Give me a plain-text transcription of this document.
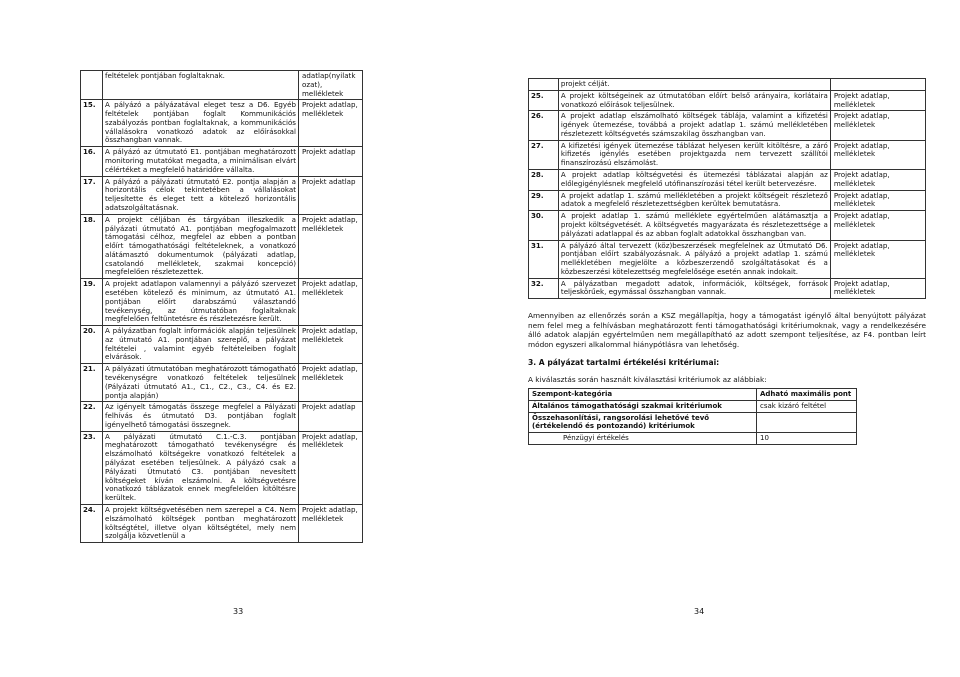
	feltételek pontjában foglaltaknak.	adatlap(nyilatk ozat), mellékletek
15.	A pályázó a pályázatával eleget tesz a D6. Egyéb feltételek pontjában foglalt Kommunikációs szabályozás pontban foglaltaknak, a kommunikációs vállalásokra vonatkozó adatok az előírásokkal összhangban vannak.	Projekt adatlap, mellékletek
16.	A pályázó az útmutató E1. pontjában meghatározott monitoring mutatókat megadta, a minimálisan elvárt célértéket a megfelelő határidőre vállalta.	Projekt adatlap
17.	A pályázó a pályázati útmutató E2. pontja alapján a horizontális célok tekintetében a vállalásokat teljesítette és eleget tett a kötelező horizontális adatszolgáltatásnak.	Projekt adatlap
18.	A projekt céljában és tárgyában illeszkedik a pályázati útmutató A1. pontjában megfogalmazott támogatási célhoz, megfelel az ebben a pontban előírt támogathatósági feltételeknek, a vonatkozó alátámasztó dokumentumok (pályázati adatlap, csatolandó mellékletek, szakmai koncepció) megfelelően részletezettek.	Projekt adatlap, mellékletek
19.	A projekt adatlapon valamennyi a pályázó szervezet esetében kötelező és minimum, az útmutató A1. pontjában előírt darabszámú választandó tevékenység, az útmutatóban foglaltaknak megfelelően feltüntetésre és részletezésre került.	Projekt adatlap, mellékletek
20.	A pályázatban foglalt információk alapján teljesülnek az útmutató A1. pontjában szereplő, a pályázat feltételei , valamint egyéb feltételeiben foglalt elvárások.	Projekt adatlap, mellékletek
21.	A pályázati útmutatóban meghatározott támogatható tevékenységre vonatkozó feltételek teljesülnek (Pályázati útmutató A1., C1., C2., C3., C4. és E2. pontja alapján)	Projekt adatlap, mellékletek
22.	Az igényelt támogatás összege megfelel a Pályázati felhívás és útmutató D3. pontjában foglalt igényelhető támogatási összegnek.	Projekt adatlap
23.	A pályázati útmutató C.1.-C.3. pontjában meghatározott támogatható tevékenységre és elszámolható költségekre vonatkozó feltételek a pályázat esetében teljesülnek. A pályázó csak a Pályázati Útmutató C3. pontjában nevesített költségeket kíván elszámolni. A költségvetésre vonatkozó táblázatok ennek megfelelően kitöltésre kerültek.	Projekt adatlap, mellékletek
24.	A projekt költségvetésében nem szerepel a C4. Nem elszámolható költségek pontban meghatározott költségtétel, illetve olyan költségtétel, mely nem szolgálja közvetlenül a	Projekt adatlap, mellékletek
33
	projekt célját.	
25.	A projekt költségeinek az útmutatóban előírt belső arányaira, korlátaira vonatkozó előírások teljesülnek.	Projekt adatlap, mellékletek
26.	A projekt adatlap elszámolható költségek táblája, valamint a kifizetési igények ütemezése, továbbá a projekt adatlap 1. számú mellékletében részletezett költségvetés számszakilag összhangban van.	Projekt adatlap, mellékletek
27.	A kifizetési igények ütemezése táblázat helyesen került kitöltésre, a záró kifizetés igénylés esetében projektgazda nem tervezett szállítói finanszírozású elszámolást.	Projekt adatlap, mellékletek
28.	A projekt adatlap költségvetési és ütemezési táblázatai alapján az előlegigénylésnek megfelelő utófinanszírozási tétel került betervezésre.	Projekt adatlap, mellékletek
29.	A projekt adatlap 1. számú mellékletében a projekt költségeit részletező adatok a megfelelő részletezettségben kerültek bemutatásra.	Projekt adatlap, mellékletek
30.	A projekt adatlap 1. számú melléklete egyértelműen alátámasztja a projekt költségvetését. A költségvetés magyarázata és részletezettsége a pályázati adatlappal és az abban foglalt adatokkal összhangban van.	Projekt adatlap, mellékletek
31.	A pályázó által tervezett (köz)beszerzések megfelelnek az Útmutató D6. pontjában előírt szabályozásnak. A pályázó a projekt adatlap 1. számú mellékletében megjelölte a közbeszerzendő szolgáltatásokat és a közbeszerzési kötelezettség megfelelősége esetén annak indokait.	Projekt adatlap, mellékletek
32.	A pályázatban megadott adatok, információk, költségek, források teljeskörűek, egymással összhangban vannak.	Projekt adatlap, mellékletek

Amennyiben az ellenőrzés során a KSZ megállapítja, hogy a támogatást igénylő által benyújtott pályázat nem felel meg a felhívásban meghatározott fenti támogathatósági kritériumoknak, vagy a rendelkezésére álló adatok alapján egyértelműen nem megállapítható az adott szempont teljesítése, az F4. pontban leírt módon egyszeri alkalommal hiánypótlásra van lehetőség.

3. A pályázat tartalmi értékelési kritériumai:

A kiválasztás során használt kiválasztási kritériumok az alábbiak:

Szempont-kategória	Adható maximális pont
Általános támogathatósági szakmai kritériumok	csak kizáró feltétel
Összehasonlítási, rangsorolási lehetővé tevő (értékelendő és pontozandó) kritériumok	
Pénzügyi értékelés	10
34
